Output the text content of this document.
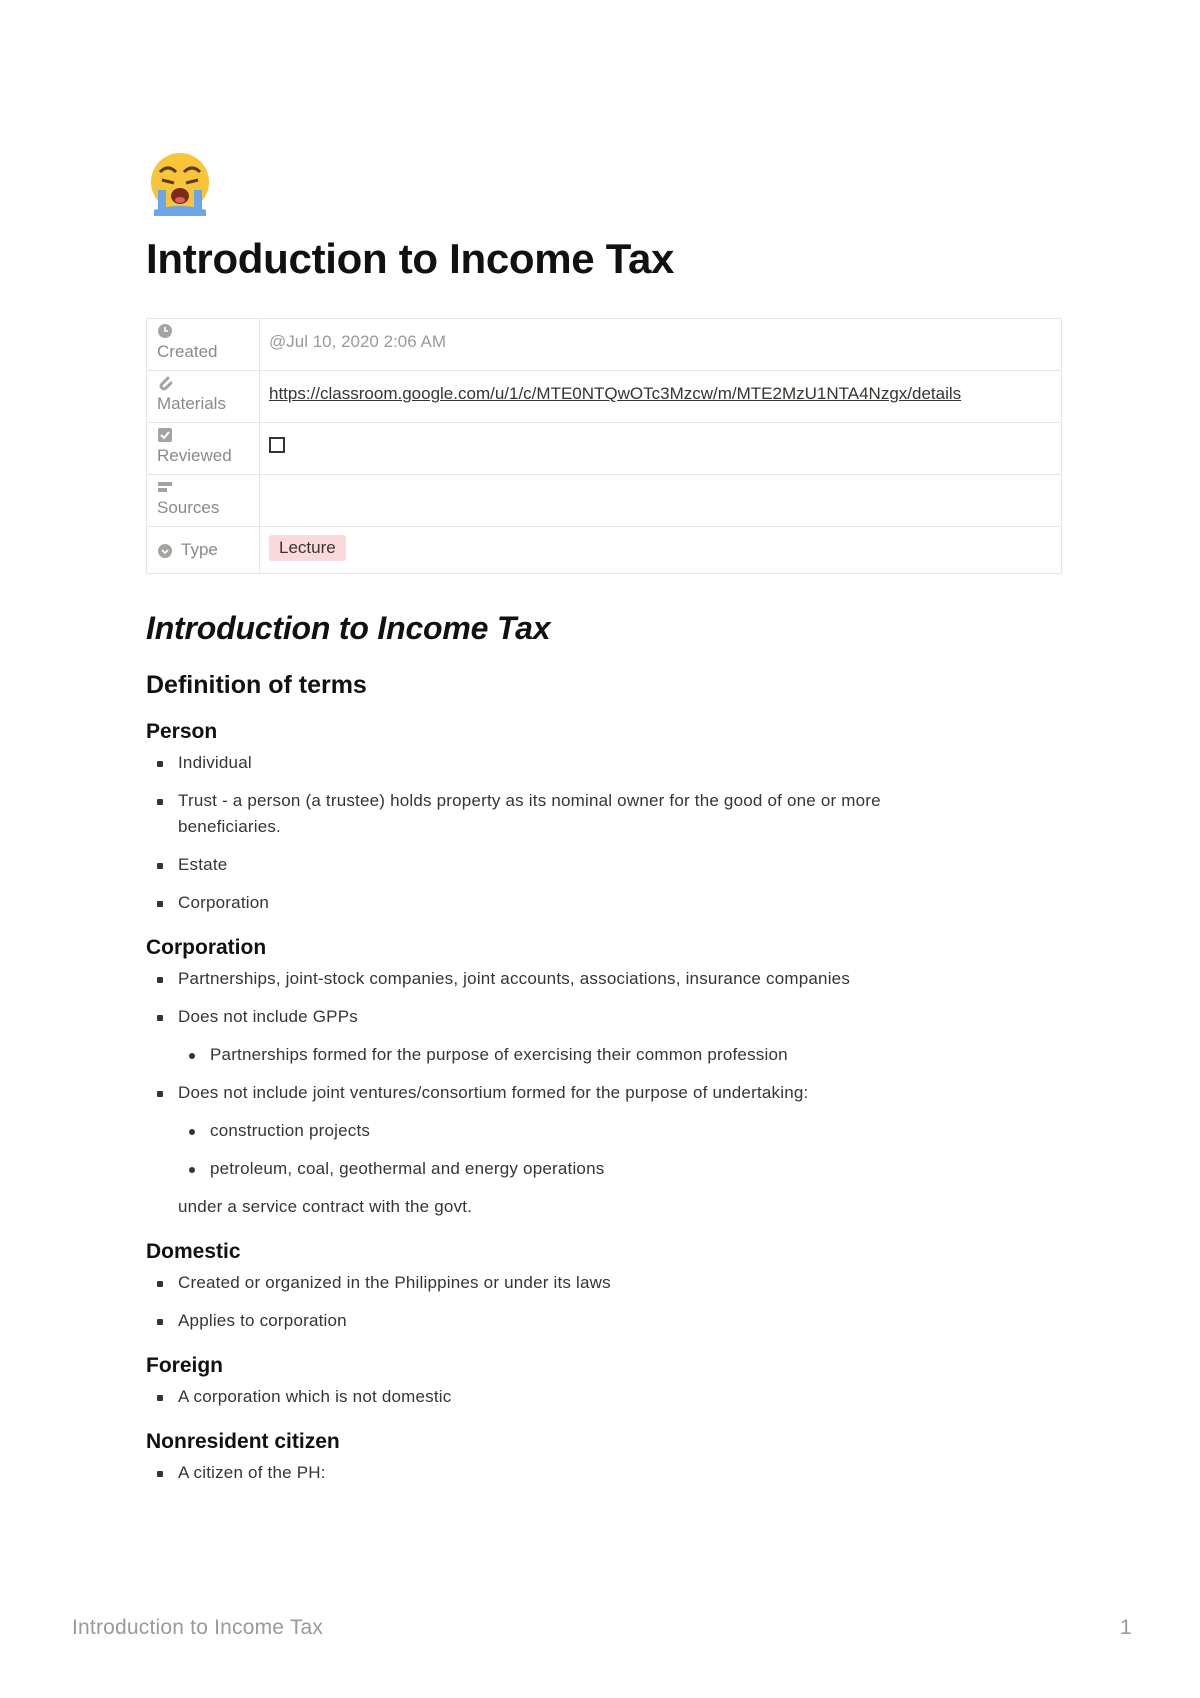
Introduction to Income Tax
Created	@Jul 10, 2020 2:06 AM

Materials	https://classroom.google.com/u/1/c/MTE0NTQwOTc3Mzcw/m/MTE2MzU1NTA4Nzgx/details

Reviewed	

Sources	
Type	Lecture
Introduction to Income Tax
Definition of terms
Person
Individual
Trust - a person (a trustee) holds property as its nominal owner for the good of one or more beneficiaries.
Estate
Corporation
Corporation
Partnerships, joint-stock companies, joint accounts, associations, insurance companies
Does not include GPPs
Partnerships formed for the purpose of exercising their common profession
Does not include joint ventures/consortium formed for the purpose of undertaking:
construction projects
petroleum, coal, geothermal and energy operations

under a service contract with the govt.

Domestic
Created or organized in the Philippines or under its laws
Applies to corporation
Foreign
A corporation which is not domestic
Nonresident citizen
A citizen of the PH:
Introduction to Income Tax	1
